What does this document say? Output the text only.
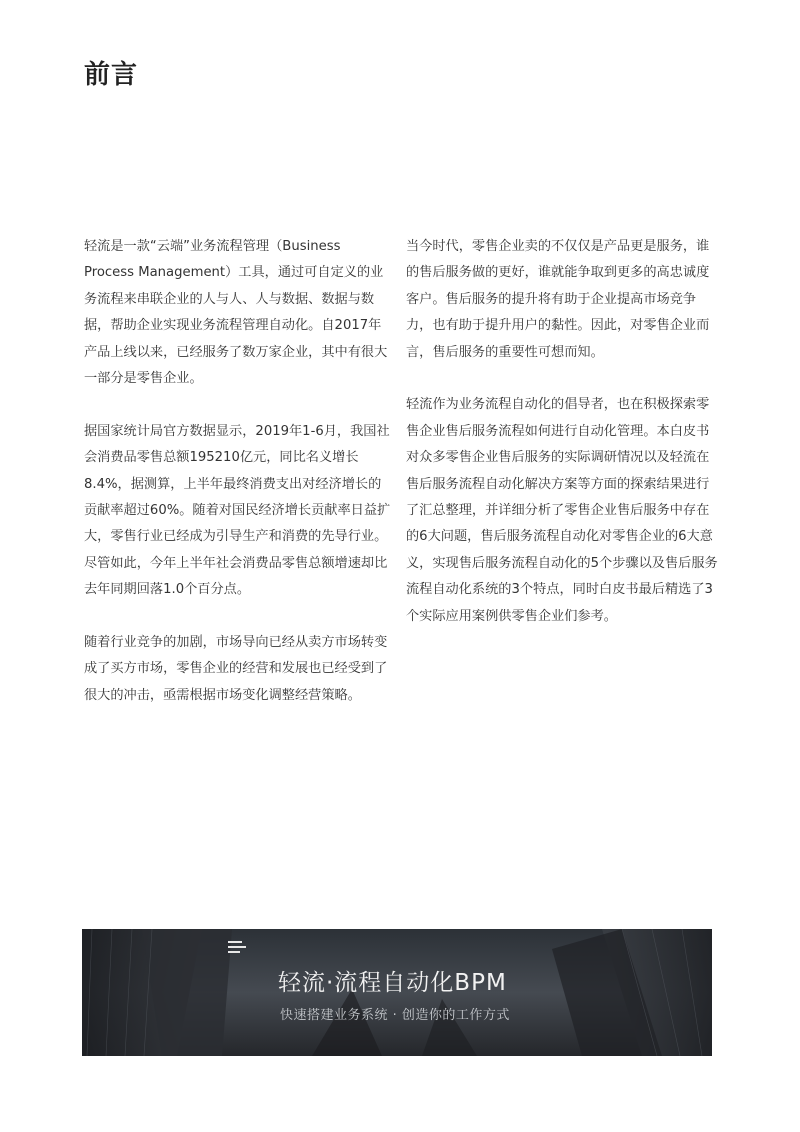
前言

轻流是一款“云端”业务流程管理（Business Process Management）工具，通过可自定义的业务流程来串联企业的人与人、人与数据、数据与数据，帮助企业实现业务流程管理自动化。自2017年产品上线以来，已经服务了数万家企业，其中有很大一部分是零售企业。

据国家统计局官方数据显示，2019年1-6月，我国社会消费品零售总额195210亿元，同比名义增长8.4%，据测算，上半年最终消费支出对经济增长的贡献率超过60%。随着对国民经济增长贡献率日益扩大，零售行业已经成为引导生产和消费的先导行业。尽管如此，今年上半年社会消费品零售总额增速却比去年同期回落1.0个百分点。

随着行业竞争的加剧，市场导向已经从卖方市场转变成了买方市场，零售企业的经营和发展也已经受到了很大的冲击，亟需根据市场变化调整经营策略。

当今时代，零售企业卖的不仅仅是产品更是服务，谁的售后服务做的更好，谁就能争取到更多的高忠诚度客户。售后服务的提升将有助于企业提高市场竞争力，也有助于提升用户的黏性。因此，对零售企业而言，售后服务的重要性可想而知。

轻流作为业务流程自动化的倡导者，也在积极探索零售企业售后服务流程如何进行自动化管理。本白皮书对众多零售企业售后服务的实际调研情况以及轻流在售后服务流程自动化解决方案等方面的探索结果进行了汇总整理，并详细分析了零售企业售后服务中存在的6大问题，售后服务流程自动化对零售企业的6大意义，实现售后服务流程自动化的5个步骤以及售后服务流程自动化系统的3个特点，同时白皮书最后精选了3个实际应用案例供零售企业们参考。

轻流·流程自动化BPM
快速搭建业务系统 · 创造你的工作方式
